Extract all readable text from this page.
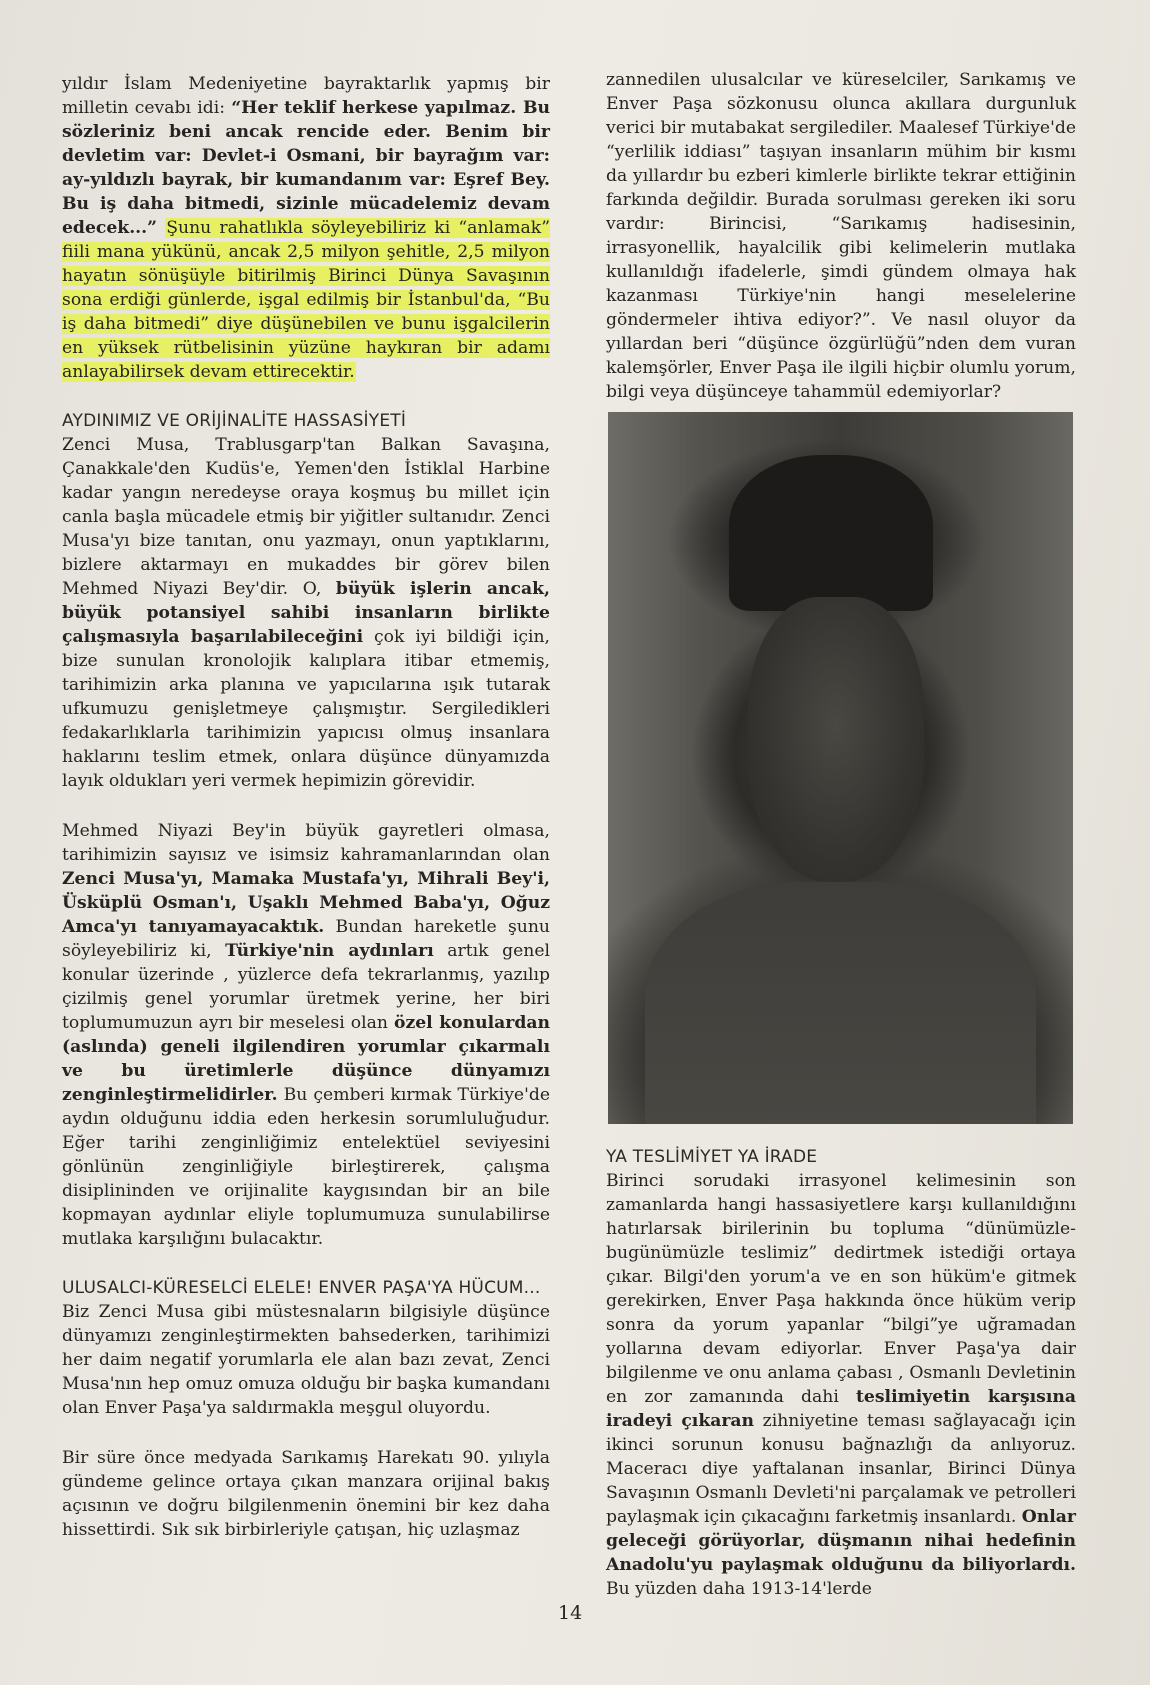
yıldır İslam Medeniyetine bayraktarlık yapmış bir milletin cevabı idi: “Her teklif herkese yapılmaz. Bu sözleriniz beni ancak rencide eder. Benim bir devletim var: Devlet-i Osmani, bir bayrağım var: ay-yıldızlı bayrak, bir kumandanım var: Eşref Bey. Bu iş daha bitmedi, sizinle mücadelemiz devam edecek...” Şunu rahatlıkla söyleyebiliriz ki “anlamak” fiili mana yükünü, ancak 2,5 milyon şehitle, 2,5 milyon hayatın sönüşüyle bitirilmiş Birinci Dünya Savaşının sona erdiği günlerde, işgal edilmiş bir İstanbul'da, “Bu iş daha bitmedi” diye düşünebilen ve bunu işgalcilerin en yüksek rütbelisinin yüzüne haykıran bir adamı anlayabilirsek devam ettirecektir.

AYDINIMIZ VE ORİJİNALİTE HASSASİYETİ

Zenci Musa, Trablusgarp'tan Balkan Savaşına, Çanakkale'den Kudüs'e, Yemen'den İstiklal Harbine kadar yangın neredeyse oraya koşmuş bu millet için canla başla mücadele etmiş bir yiğitler sultanıdır. Zenci Musa'yı bize tanıtan, onu yazmayı, onun yaptıklarını, bizlere aktarmayı en mukaddes bir görev bilen Mehmed Niyazi Bey'dir. O, büyük işlerin ancak, büyük potansiyel sahibi insanların birlikte çalışmasıyla başarılabileceğini çok iyi bildiği için, bize sunulan kronolojik kalıplara itibar etmemiş, tarihimizin arka planına ve yapıcılarına ışık tutarak ufkumuzu genişletmeye çalışmıştır. Sergiledikleri fedakarlıklarla tarihimizin yapıcısı olmuş insanlara haklarını teslim etmek, onlara düşünce dünyamızda layık oldukları yeri vermek hepimizin görevidir.

Mehmed Niyazi Bey'in büyük gayretleri olmasa, tarihimizin sayısız ve isimsiz kahramanlarından olan Zenci Musa'yı, Mamaka Mustafa'yı, Mihrali Bey'i, Üsküplü Osman'ı, Uşaklı Mehmed Baba'yı, Oğuz Amca'yı tanıyamayacaktık. Bundan hareketle şunu söyleyebiliriz ki, Türkiye'nin aydınları artık genel konular üzerinde , yüzlerce defa tekrarlanmış, yazılıp çizilmiş genel yorumlar üretmek yerine, her biri toplumumuzun ayrı bir meselesi olan özel konulardan (aslında) geneli ilgilendiren yorumlar çıkarmalı ve bu üretimlerle düşünce dünyamızı zenginleştirmelidirler. Bu çemberi kırmak Türkiye'de aydın olduğunu iddia eden herkesin sorumluluğudur. Eğer tarihi zenginliğimiz entelektüel seviyesini gönlünün zenginliğiyle birleştirerek, çalışma disiplininden ve orijinalite kaygısından bir an bile kopmayan aydınlar eliyle toplumumuza sunulabilirse mutlaka karşılığını bulacaktır.

ULUSALCI-KÜRESELCİ ELELE! ENVER PAŞA'YA HÜCUM...

Biz Zenci Musa gibi müstesnaların bilgisiyle düşünce dünyamızı zenginleştirmekten bahsederken, tarihimizi her daim negatif yorumlarla ele alan bazı zevat, Zenci Musa'nın hep omuz omuza olduğu bir başka kumandanı olan Enver Paşa'ya saldırmakla meşgul oluyordu.

Bir süre önce medyada Sarıkamış Harekatı 90. yılıyla gündeme gelince ortaya çıkan manzara orijinal bakış açısının ve doğru bilgilenmenin önemini bir kez daha hissettirdi. Sık sık birbirleriyle çatışan, hiç uzlaşmaz

zannedilen ulusalcılar ve küreselciler, Sarıkamış ve Enver Paşa sözkonusu olunca akıllara durgunluk verici bir mutabakat sergilediler. Maalesef Türkiye'de “yerlilik iddiası” taşıyan insanların mühim bir kısmı da yıllardır bu ezberi kimlerle birlikte tekrar ettiğinin farkında değildir. Burada sorulması gereken iki soru vardır: Birincisi, “Sarıkamış hadisesinin, irrasyonellik, hayalcilik gibi kelimelerin mutlaka kullanıldığı ifadelerle, şimdi gündem olmaya hak kazanması Türkiye'nin hangi meselelerine göndermeler ihtiva ediyor?”. Ve nasıl oluyor da yıllardan beri “düşünce özgürlüğü”nden dem vuran kalemşörler, Enver Paşa ile ilgili hiçbir olumlu yorum, bilgi veya düşünceye tahammül edemiyorlar?

YA TESLİMİYET YA İRADE

Birinci sorudaki irrasyonel kelimesinin son zamanlarda hangi hassasiyetlere karşı kullanıldığını hatırlarsak birilerinin bu topluma “dünümüzle-bugünümüzle teslimiz” dedirtmek istediği ortaya çıkar. Bilgi'den yorum'a ve en son hüküm'e gitmek gerekirken, Enver Paşa hakkında önce hüküm verip sonra da yorum yapanlar “bilgi”ye uğramadan yollarına devam ediyorlar. Enver Paşa'ya dair bilgilenme ve onu anlama çabası , Osmanlı Devletinin en zor zamanında dahi teslimiyetin karşısına iradeyi çıkaran zihniyetine teması sağlayacağı için ikinci sorunun konusu bağnazlığı da anlıyoruz. Maceracı diye yaftalanan insanlar, Birinci Dünya Savaşının Osmanlı Devleti'ni parçalamak ve petrolleri paylaşmak için çıkacağını farketmiş insanlardı. Onlar geleceği görüyorlar, düşmanın nihai hedefinin Anadolu'yu paylaşmak olduğunu da biliyorlardı. Bu yüzden daha 1913-14'lerde

14
